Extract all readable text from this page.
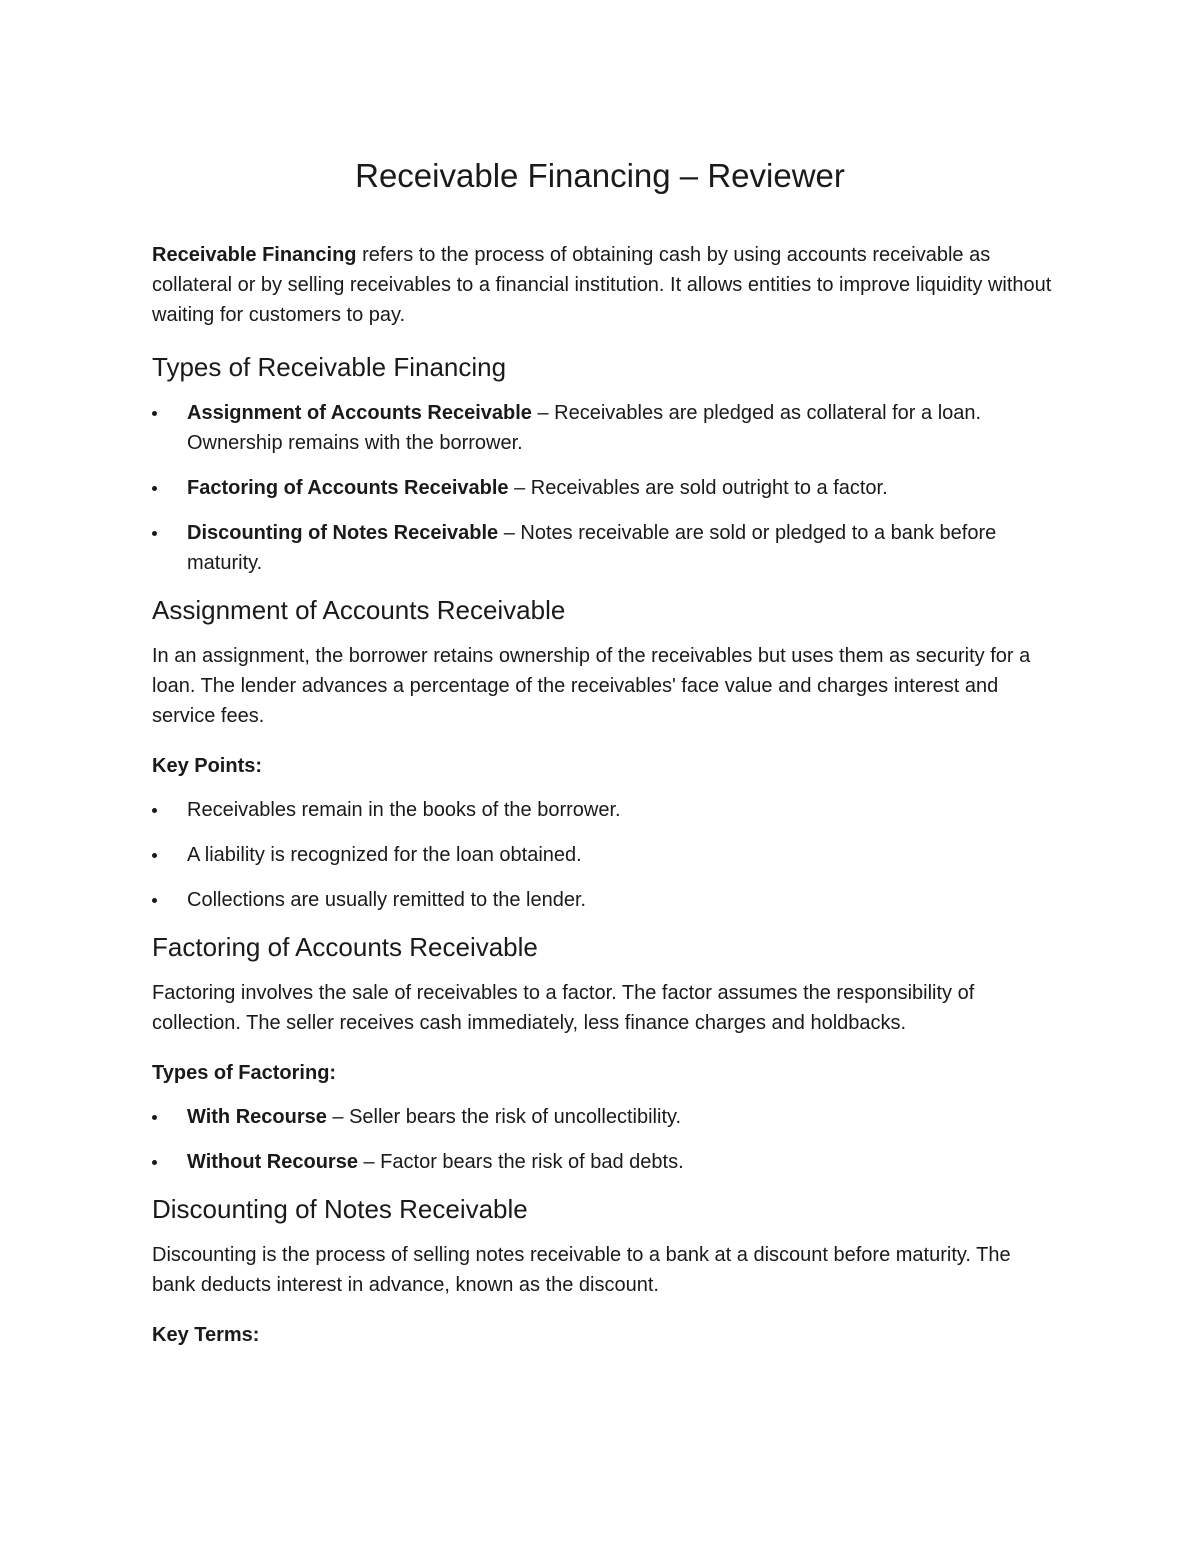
Receivable Financing – Reviewer

Receivable Financing refers to the process of obtaining cash by using accounts receivable as collateral or by selling receivables to a financial institution. It allows entities to improve liquidity without waiting for customers to pay.

Types of Receivable Financing
Assignment of Accounts Receivable – Receivables are pledged as collateral for a loan. Ownership remains with the borrower.
Factoring of Accounts Receivable – Receivables are sold outright to a factor.
Discounting of Notes Receivable – Notes receivable are sold or pledged to a bank before maturity.
Assignment of Accounts Receivable

In an assignment, the borrower retains ownership of the receivables but uses them as security for a loan. The lender advances a percentage of the receivables' face value and charges interest and service fees.

Key Points:
Receivables remain in the books of the borrower.
A liability is recognized for the loan obtained.
Collections are usually remitted to the lender.
Factoring of Accounts Receivable

Factoring involves the sale of receivables to a factor. The factor assumes the responsibility of collection. The seller receives cash immediately, less finance charges and holdbacks.

Types of Factoring:
With Recourse – Seller bears the risk of uncollectibility.
Without Recourse – Factor bears the risk of bad debts.
Discounting of Notes Receivable

Discounting is the process of selling notes receivable to a bank at a discount before maturity. The bank deducts interest in advance, known as the discount.

Key Terms:
